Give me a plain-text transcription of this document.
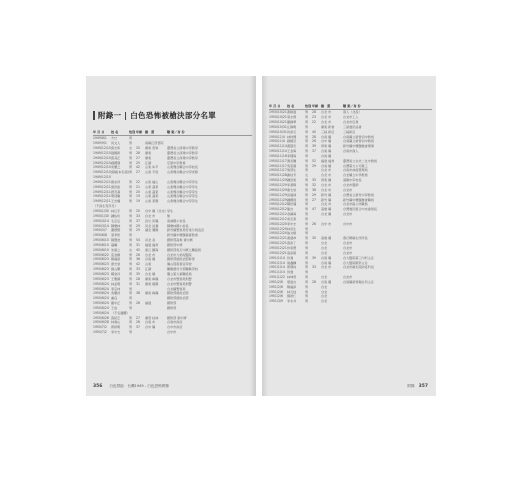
附錄一 | 白色恐怖被槍決部分名單
年 月 日	姓 名	性別 年齡 籍　貫	職 業／身 份
1949/6/1	方□	男
1949/9/1	何文人	男	南韓江西書院
1949/12/10 張志和	女	25	廣東 普寧	臺灣省立商業中學教學
1949/12/10 趙國新	男	28	廣東	臺灣省立商業中學教學
1949/12/10 張其正	男	27	廣東	臺灣省立商業中學教學
1949/12/10 蘇國儀	男	25	江蘇	空軍中學教員
1949/12/10 吳鑾之	男	42	山東 牟平	山東煙台聯合中學校長
1949/12/10 張毓(本名張) 男	27	山東 平度	山東煙台聯合中學老師
1949/12/10
1949/12/11 劉永祥	男	22	山東 福山	山東煙台聯合中學學生
1949/12/11 張世能	男	21	山東 蓬萊	山東煙台聯合中學學生
1949/12/11 譚茂基	男	20	山東 蓬萊	山東煙台聯合中學學生
1949/12/11 明同樂	男	19	山東 蓬萊	山東煙台聯合中學學生
1949/12/11 王光耀	男	19	山東 萊陽	山東煙台聯合中學學生
（不詳生死年月）
1950/1/30 林江宇	男	20	台中 縣（北屯） 學生
1950/1/30 鍾佑圻	男	33	台北 市	無
1950/3/14 毛宗岳	男	37	四川 彭縣	南港國小校長
1950/3/14 陳懋林	男	29	河北 昌黎	陳懋林國小校長
1950/5/7	蕭德懿	男	25	湖北 襄陽	新竹縣警察局竹東分局巡官
1950/6/8	蔡孝乾	男	新竹縣中壢鎮基督教會
1950/6/10 陳寶倉	男	54	河北 省	國防部高參 軍中將
1950/6/10 聶曦	男	31	福建 福州	國防部中將
1950/6/10 朱諶之	女	45	浙江 鎮海	國防部吳石中將之聯絡員
1950/6/22 莊金順	男	26	台北 市	台北市大稻埕醫院
1950/6/23 陳福星	男	36	台南 縣	國防部總政治部幹部
1950/6/23 唐志堂	男	42	山東	鳳山陸軍軍官學校
1950/6/23 劉占鰲	男	33	江蘇	聯勤總司令部聯勤學校
1950/6/23 鄭金河	男	35	台北 縣	獨立第九軍聯絡員
1950/6/23 王雅韻	男	28	廣東 梅縣	台北市警察局刑警
1950/6/24 林孟明	男	31	廣東 揭陽	台北市警察局刑警
1950/6/24 李宗林	男	台北縣警察局
1950/6/24 吳慶初	男	38	廣東 梅縣	國防部總政治部
1950/6/24 盧良	男	國防部總政治部
1950/6/24 羅中正	男	28	福建	國防部
1950/6/24 王成	男	國防部
1950/6/24 （不名遺體）
1950/6/28 張紀正	男	27	廣西 桂林	國防部 軍中將
1950/6/28 林春山	男	26	台南 市	台南市政府
1950/7/2	郭欽明	男	37	台中 縣	台中市政府
1950/7/2	李中志	男	台中市
356 白色禁區：台灣1949 - 白色恐怖實錄
年 月 日	姓 名	性別 年齡 籍　貫	職 業／身 份
1950/10/21 黃樹滋	男	28	台北 市	商人（北投）
1950/10/21 蔡水源	男	23	台北 市	台北市工人
1950/10/21 顏錦華	男	22	台北 市	台北市店員
1950/10/31 汪靜明	男	廣東 新會	三星農民協會
1950/10/31 許添石	男	40	三峽 新店	三峽新店
1950/11/4 林秋興	男	28	台南 縣	台南縣立新營初中教員
1950/11/4 蘇錦章	男	26	台中 縣	台南縣立新營初中教員
1950/11/14 黃賢忠	男	39	屏東 縣	新竹縣中壢鎮農會理事
1950/11/14 王金海	男	37	台南 縣	台南市商人
1950/11/16 李稽海	男	台南 縣
1950/11/17 黃雲騰	男	52	福建 福州	臺灣省立台北二女中教員
1950/11/17 吳思漢	男	29	台南 縣	台灣電力公司員工
1950/11/17 施部生	男	台北 市	台南市林產管理局
1950/11/28 謝桂芳	女	台北 市	台北縣立中學教員
1950/11/29 鍾浩東	男	35	屏東 縣	基隆中學校長
1950/11/29 李蒼降	男	32	台北 市	台北市醫師
1950/11/29 唐志堂	男	38	台北 市	台北市
1950/11/29 邱連球	男	29	新竹 縣	台灣省立新竹中學教員
1950/11/29 鍾國員	男	27	新竹 縣	新竹縣中壢鎮農會職員
1950/12/12 鄭世璠	男	台北 市	台北市區公所職員
1950/12/12 簡吉	男	47	高雄 縣	台灣農民組合中央委員長
1950/12/12 余錫海	男	台北 縣	台北市
1950/12/12 吳克泰	男
1950/12/20 李中志	男	26	台中 市	台中市
1950/12/20 林宣生	男
1950/12/20 翁文樹	男
1950/12/21 黃溫恭	男	30	高雄 縣	春日鄉衛生所所長
1950/12/21 張添丁	男	台北	台北市
1950/12/21 許希寬	男	台北	台北市
1950/12/21 高添富	男	台北	台北市
1951/1/14 許強	男	39	台南 縣	台大醫院第三內科主任
1951/1/14 胡鑫麟	男	台南 縣	台大醫院眼科主任
1951/1/14 郭琇琮	男	33	台北 市	台北市衛生院防疫科長
1951/1/14 許強	男
1951/1/22 林坤西	男	台北	台北市
1951/2/6	葉盛吉	男	28	台南 縣	台南縣新營衛生所主任
1951/2/6	陳福添	男	台北
1951/2/6	林元枝	男	台北
1951/2/6	劉欽仁	男	台北
1951/3/9	李水井	男	台北
附錄 357
